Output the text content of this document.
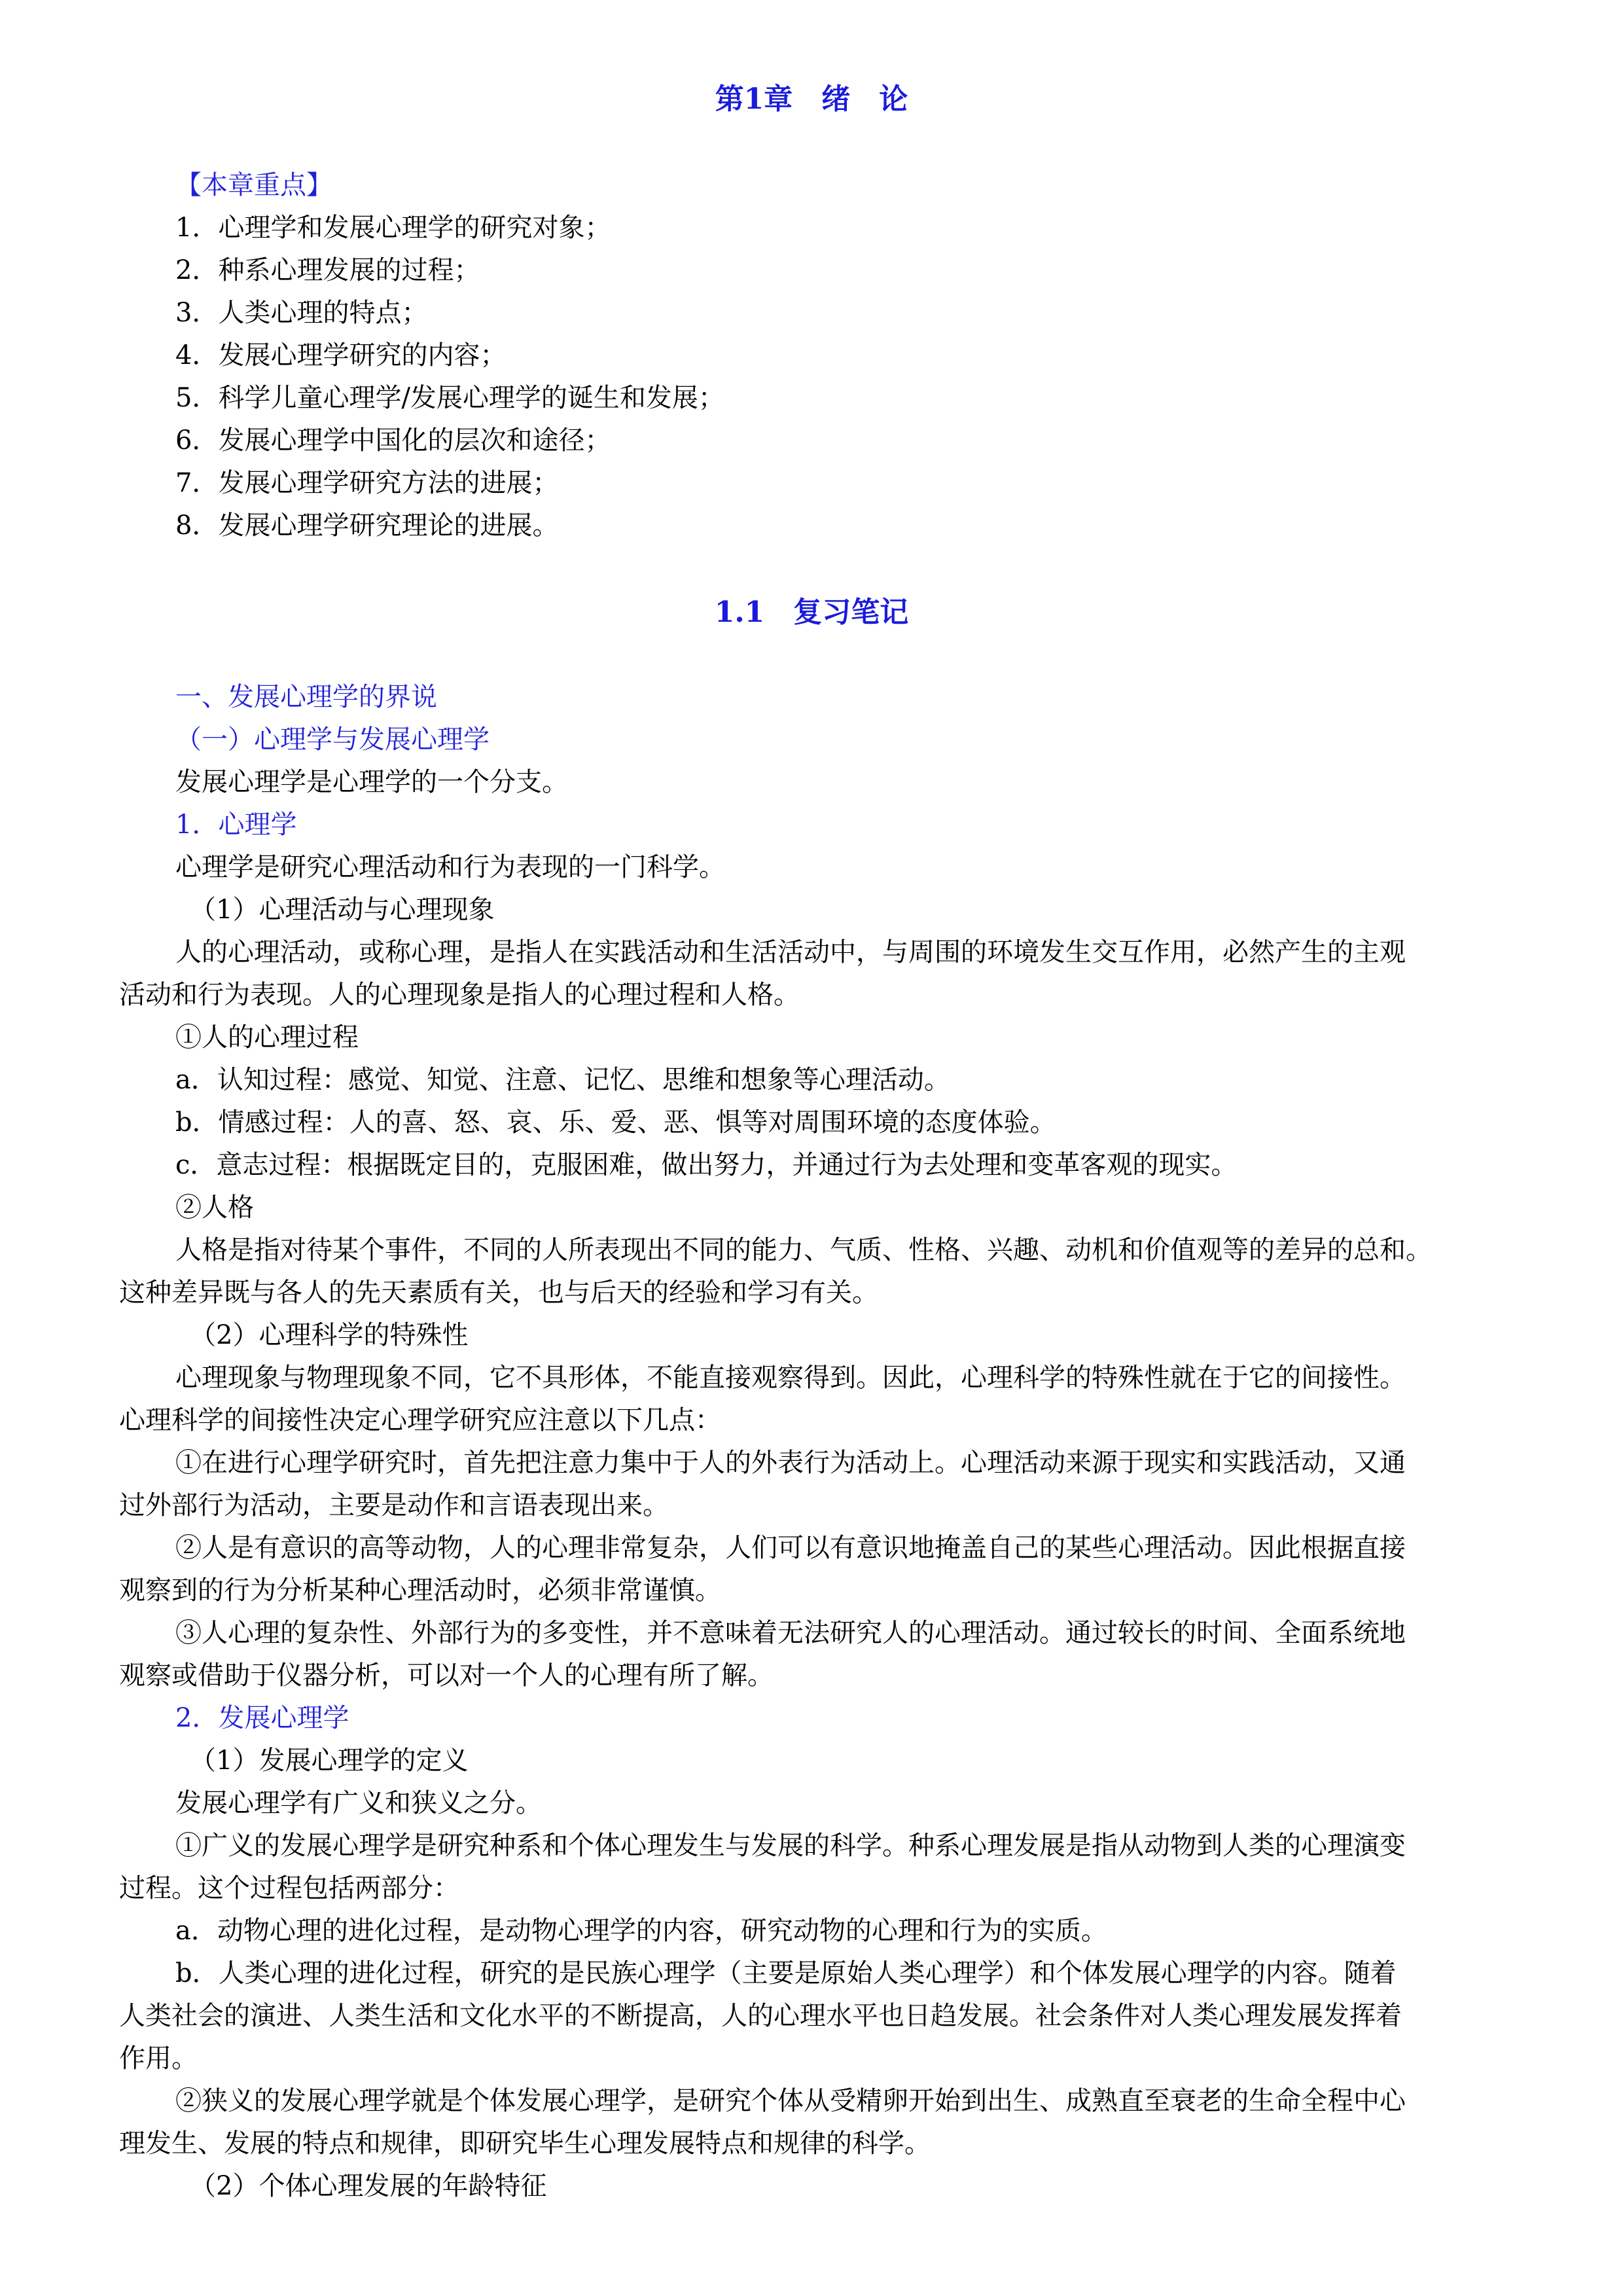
第1章　绪　论
【本章重点】
1．心理学和发展心理学的研究对象；
2．种系心理发展的过程；
3．人类心理的特点；
4．发展心理学研究的内容；
5．科学儿童心理学/发展心理学的诞生和发展；
6．发展心理学中国化的层次和途径；
7．发展心理学研究方法的进展；
8．发展心理学研究理论的进展。
1.1　复习笔记
一、发展心理学的界说
（一）心理学与发展心理学
发展心理学是心理学的一个分支。
1．心理学
心理学是研究心理活动和行为表现的一门科学。
（1）心理活动与心理现象
人的心理活动，或称心理，是指人在实践活动和生活活动中，与周围的环境发生交互作用，必然产生的主观
活动和行为表现。人的心理现象是指人的心理过程和人格。
①人的心理过程
a．认知过程：感觉、知觉、注意、记忆、思维和想象等心理活动。
b．情感过程：人的喜、怒、哀、乐、爱、恶、惧等对周围环境的态度体验。
c．意志过程：根据既定目的，克服困难，做出努力，并通过行为去处理和变革客观的现实。
②人格
人格是指对待某个事件，不同的人所表现出不同的能力、气质、性格、兴趣、动机和价值观等的差异的总和。
这种差异既与各人的先天素质有关，也与后天的经验和学习有关。
（2）心理科学的特殊性
心理现象与物理现象不同，它不具形体，不能直接观察得到。因此，心理科学的特殊性就在于它的间接性。
心理科学的间接性决定心理学研究应注意以下几点：
①在进行心理学研究时，首先把注意力集中于人的外表行为活动上。心理活动来源于现实和实践活动，又通
过外部行为活动，主要是动作和言语表现出来。
②人是有意识的高等动物，人的心理非常复杂，人们可以有意识地掩盖自己的某些心理活动。因此根据直接
观察到的行为分析某种心理活动时，必须非常谨慎。
③人心理的复杂性、外部行为的多变性，并不意味着无法研究人的心理活动。通过较长的时间、全面系统地
观察或借助于仪器分析，可以对一个人的心理有所了解。
2．发展心理学
（1）发展心理学的定义
发展心理学有广义和狭义之分。
①广义的发展心理学是研究种系和个体心理发生与发展的科学。种系心理发展是指从动物到人类的心理演变
过程。这个过程包括两部分：
a．动物心理的进化过程，是动物心理学的内容，研究动物的心理和行为的实质。
b．人类心理的进化过程，研究的是民族心理学（主要是原始人类心理学）和个体发展心理学的内容。随着
人类社会的演进、人类生活和文化水平的不断提高，人的心理水平也日趋发展。社会条件对人类心理发展发挥着
作用。
②狭义的发展心理学就是个体发展心理学，是研究个体从受精卵开始到出生、成熟直至衰老的生命全程中心
理发生、发展的特点和规律，即研究毕生心理发展特点和规律的科学。
（2）个体心理发展的年龄特征
